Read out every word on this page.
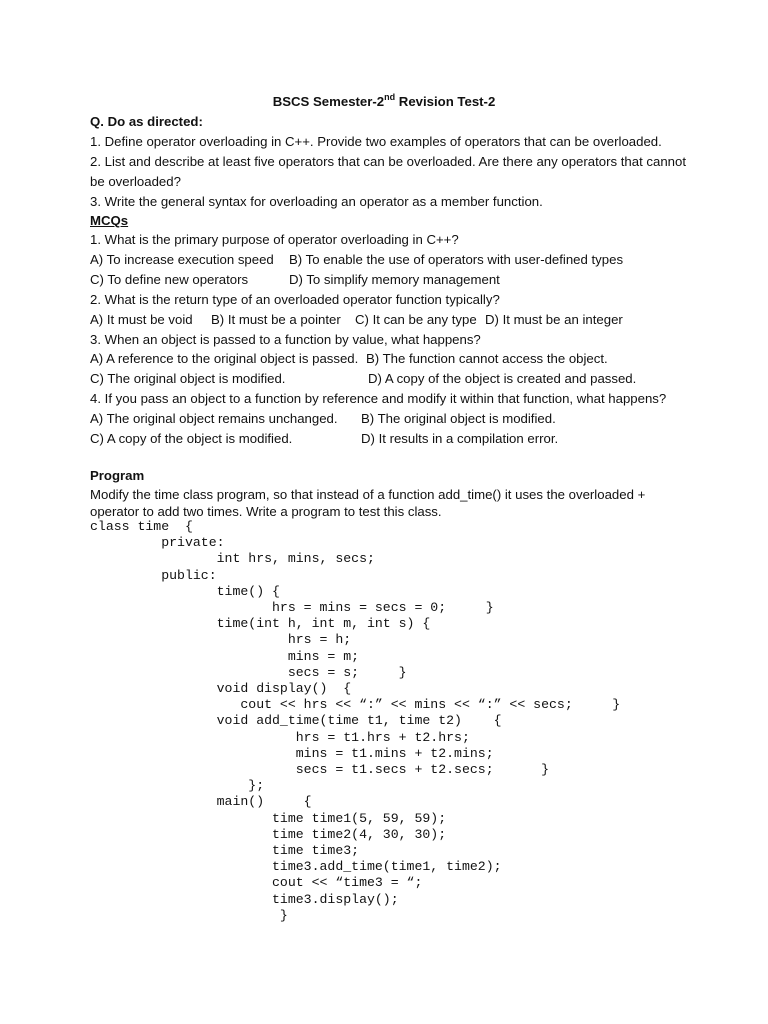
BSCS Semester-2nd Revision Test-2
Q. Do as directed:
1. Define operator overloading in C++. Provide two examples of operators that can be overloaded.
2. List and describe at least five operators that can be overloaded. Are there any operators that cannot
be overloaded?
3. Write the general syntax for overloading an operator as a member function.
MCQs
1. What is the primary purpose of operator overloading in C++?
A) To increase execution speed B) To enable the use of operators with user-defined types
C) To define new operators	D) To simplify memory management
2. What is the return type of an overloaded operator function typically?
A) It must be void B) It must be a pointer C) It can be any type D) It must be an integer
3. When an object is passed to a function by value, what happens?
A) A reference to the original object is passed. B) The function cannot access the object.
C) The original object is modified.	D) A copy of the object is created and passed.
4. If you pass an object to a function by reference and modify it within that function, what happens?
A) The original object remains unchanged. B) The original object is modified.
C) A copy of the object is modified.	D) It results in a compilation error.
Program
Modify the time class program, so that instead of a function add_time() it uses the overloaded +
operator to add two times. Write a program to test this class.
class time  {
private:
int hrs, mins, secs;
public:
time() {
hrs = mins = secs = 0;     }
time(int h, int m, int s) {
hrs = h;
mins = m;
secs = s;     }
void display()  {
cout << hrs << “:” << mins << “:” << secs;     }
void add_time(time t1, time t2)    {
hrs = t1.hrs + t2.hrs;
mins = t1.mins + t2.mins;
secs = t1.secs + t2.secs;      }
};
main()     {
time time1(5, 59, 59);
time time2(4, 30, 30);
time time3;
time3.add_time(time1, time2);
cout << “time3 = “;
time3.display();
}
